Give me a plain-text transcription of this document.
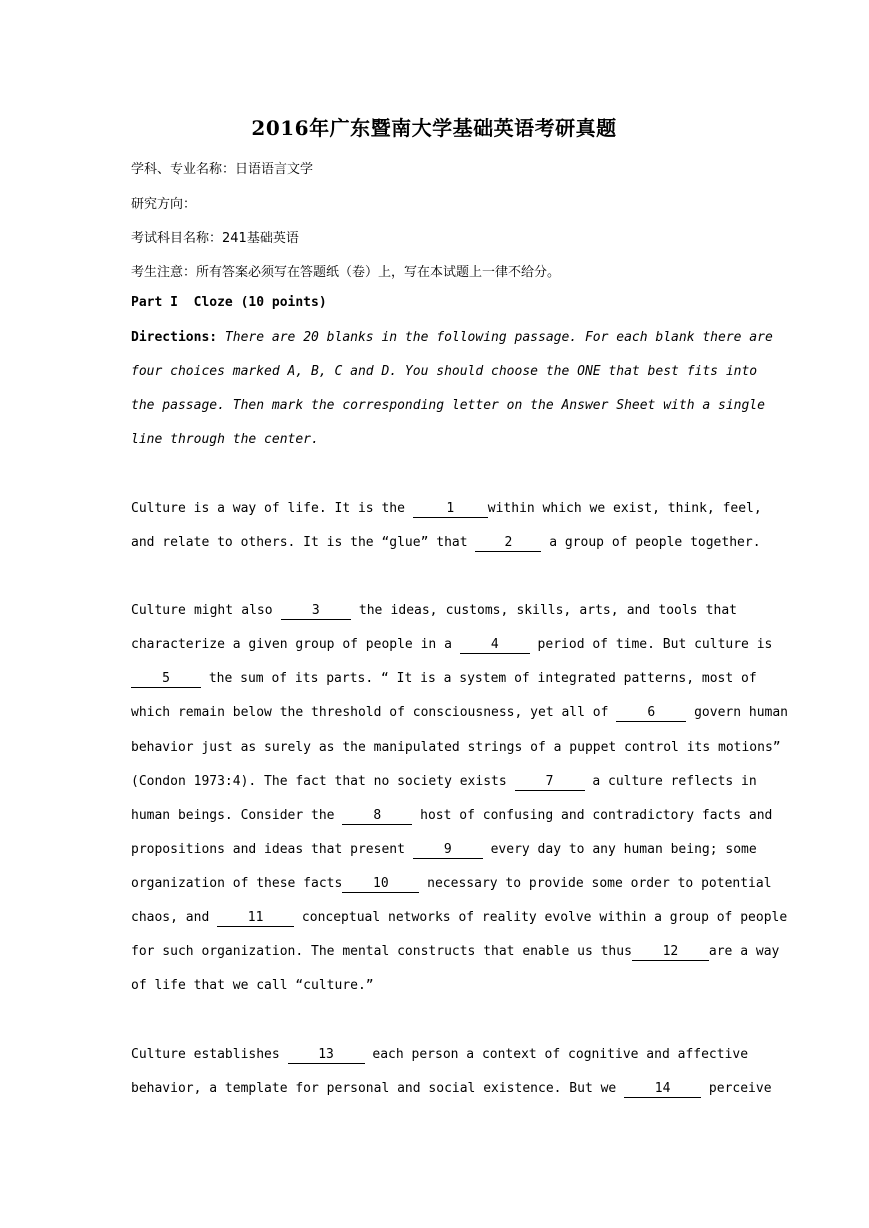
2016年广东暨南大学基础英语考研真题
学科、专业名称：日语语言文学
研究方向：
考试科目名称：241基础英语
考生注意：所有答案必须写在答题纸（卷）上，写在本试题上一律不给分。
Part I  Cloze (10 points)
Directions: There are 20 blanks in the following passage. For each blank there are
four choices marked A, B, C and D. You should choose the ONE that best fits into
the passage. Then mark the corresponding letter on the Answer Sheet with a single
line through the center.
Culture is a way of life. It is the	1	within which we exist, think, feel,
and relate to others. It is the “glue” that 2 a group of people together.
Culture might also 3 the ideas, customs, skills, arts, and tools that
characterize a given group of people in a 4 period of time. But culture is
5 the sum of its parts. “ It is a system of integrated patterns, most of
which remain below the threshold of consciousness, yet all of 6 govern human
behavior just as surely as the manipulated strings of a puppet control its motions”
(Condon 1973:4). The fact that no society exists 7 a culture reflects in
human beings. Consider the 8 host of confusing and contradictory facts and
propositions and ideas that present 9 every day to any human being; some
organization of these facts 10 necessary to provide some order to potential
chaos, and 11 conceptual networks of reality evolve within a group of people
for such organization. The mental constructs that enable us thus 12 are a way
of life that we call “culture.”
Culture establishes 13 each person a context of cognitive and affective
behavior, a template for personal and social existence. But we 14 perceive
